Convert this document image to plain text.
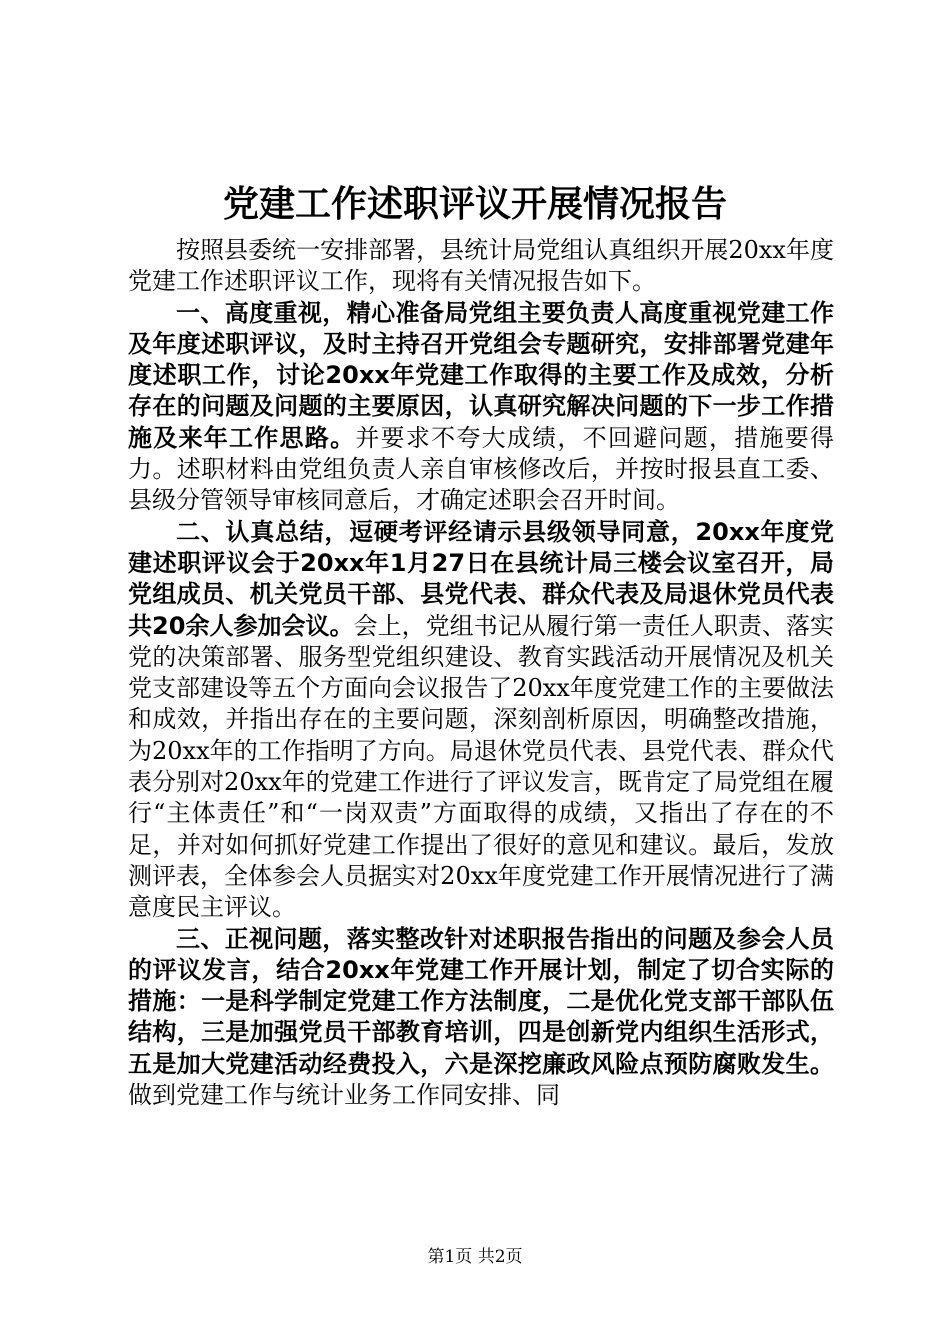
党建工作述职评议开展情况报告

按照县委统一安排部署，县统计局党组认真组织开展20xx年度党建工作述职评议工作，现将有关情况报告如下。

一、高度重视，精心准备局党组主要负责人高度重视党建工作及年度述职评议，及时主持召开党组会专题研究，安排部署党建年度述职工作，讨论20xx年党建工作取得的主要工作及成效，分析存在的问题及问题的主要原因，认真研究解决问题的下一步工作措施及来年工作思路。并要求不夸大成绩，不回避问题，措施要得力。述职材料由党组负责人亲自审核修改后，并按时报县直工委、县级分管领导审核同意后，才确定述职会召开时间。

二、认真总结，逗硬考评经请示县级领导同意，20xx年度党建述职评议会于20xx年1月27日在县统计局三楼会议室召开，局党组成员、机关党员干部、县党代表、群众代表及局退休党员代表共20余人参加会议。会上，党组书记从履行第一责任人职责、落实党的决策部署、服务型党组织建设、教育实践活动开展情况及机关党支部建设等五个方面向会议报告了20xx年度党建工作的主要做法和成效，并指出存在的主要问题，深刻剖析原因，明确整改措施，为20xx年的工作指明了方向。局退休党员代表、县党代表、群众代表分别对20xx年的党建工作进行了评议发言，既肯定了局党组在履行“主体责任”和“一岗双责”方面取得的成绩，又指出了存在的不足，并对如何抓好党建工作提出了很好的意见和建议。最后，发放测评表，全体参会人员据实对20xx年度党建工作开展情况进行了满意度民主评议。

三、正视问题，落实整改针对述职报告指出的问题及参会人员的评议发言，结合20xx年党建工作开展计划，制定了切合实际的措施：一是科学制定党建工作方法制度，二是优化党支部干部队伍结构，三是加强党员干部教育培训，四是创新党内组织生活形式，五是加大党建活动经费投入，六是深挖廉政风险点预防腐败发生。做到党建工作与统计业务工作同安排、同

第1页 共2页
